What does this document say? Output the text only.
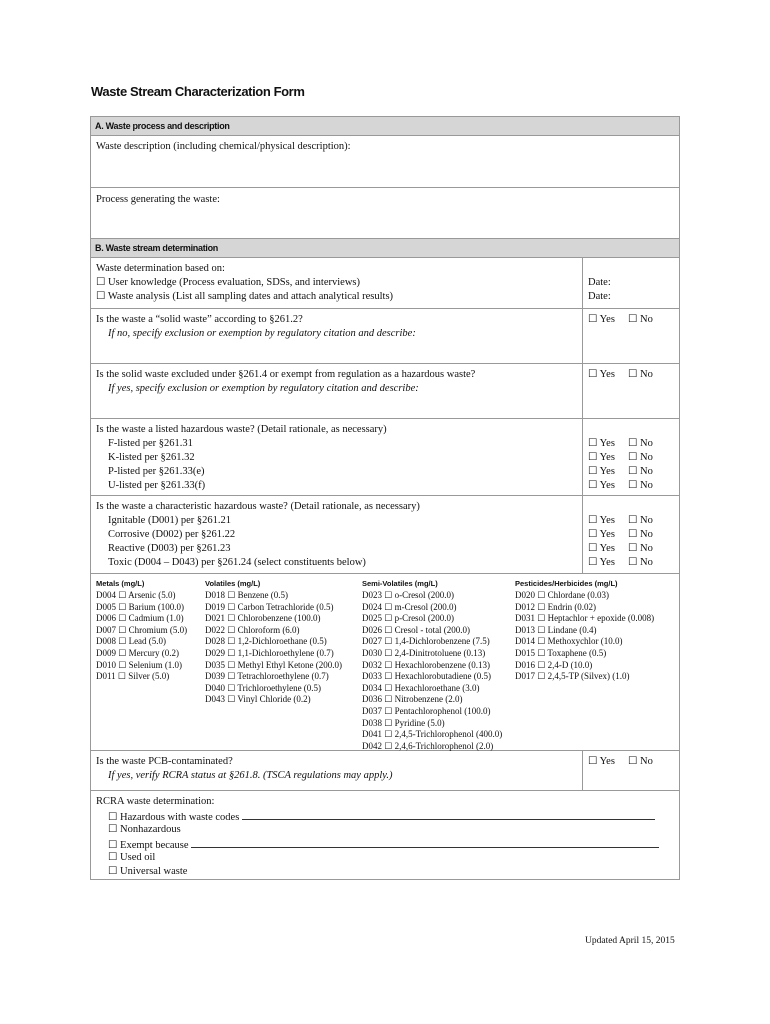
Waste Stream Characterization Form
A. Waste process and description
Waste description (including chemical/physical description):
Process generating the waste:
B. Waste stream determination
Waste determination based on:
☐ User knowledge (Process evaluation, SDSs, and interviews)
☐ Waste analysis (List all sampling dates and attach analytical results)

Date:
Date:
Is the waste a “solid waste” according to §261.2?
If no, specify exclusion or exemption by regulatory citation and describe:
☐ Yes ☐ No
Is the solid waste excluded under §261.4 or exempt from regulation as a hazardous waste?
If yes, specify exclusion or exemption by regulatory citation and describe:
☐ Yes ☐ No
Is the waste a listed hazardous waste? (Detail rationale, as necessary)
F-listed per §261.31
K-listed per §261.32
P-listed per §261.33(e)
U-listed per §261.33(f)

☐ Yes ☐ No
☐ Yes ☐ No
☐ Yes ☐ No
☐ Yes ☐ No
Is the waste a characteristic hazardous waste? (Detail rationale, as necessary)
Ignitable (D001) per §261.21
Corrosive (D002) per §261.22
Reactive (D003) per §261.23
Toxic (D004 – D043) per §261.24 (select constituents below)

☐ Yes ☐ No
☐ Yes ☐ No
☐ Yes ☐ No
☐ Yes ☐ No
Metals (mg/L)
D004 ☐ Arsenic (5.0)
D005 ☐ Barium (100.0)
D006 ☐ Cadmium (1.0)
D007 ☐ Chromium (5.0)
D008 ☐ Lead (5.0)
D009 ☐ Mercury (0.2)
D010 ☐ Selenium (1.0)
D011 ☐ Silver (5.0)
Volatiles (mg/L)
D018 ☐ Benzene (0.5)
D019 ☐ Carbon Tetrachloride (0.5)
D021 ☐ Chlorobenzene (100.0)
D022 ☐ Chloroform (6.0)
D028 ☐ 1,2-Dichloroethane (0.5)
D029 ☐ 1,1-Dichloroethylene (0.7)
D035 ☐ Methyl Ethyl Ketone (200.0)
D039 ☐ Tetrachloroethylene (0.7)
D040 ☐ Trichloroethylene (0.5)
D043 ☐ Vinyl Chloride (0.2)
Semi-Volatiles (mg/L)
D023 ☐ o-Cresol (200.0)
D024 ☐ m-Cresol (200.0)
D025 ☐ p-Cresol (200.0)
D026 ☐ Cresol - total (200.0)
D027 ☐ 1,4-Dichlorobenzene (7.5)
D030 ☐ 2,4-Dinitrotoluene (0.13)
D032 ☐ Hexachlorobenzene (0.13)
D033 ☐ Hexachlorobutadiene (0.5)
D034 ☐ Hexachloroethane (3.0)
D036 ☐ Nitrobenzene (2.0)
D037 ☐ Pentachlorophenol (100.0)
D038 ☐ Pyridine (5.0)
D041 ☐ 2,4,5-Trichlorophenol (400.0)
D042 ☐ 2,4,6-Trichlorophenol (2.0)
Pesticides/Herbicides (mg/L)
D020 ☐ Chlordane (0.03)
D012 ☐ Endrin (0.02)
D031 ☐ Heptachlor + epoxide (0.008)
D013 ☐ Lindane (0.4)
D014 ☐ Methoxychlor (10.0)
D015 ☐ Toxaphene (0.5)
D016 ☐ 2,4-D (10.0)
D017 ☐ 2,4,5-TP (Silvex) (1.0)
Is the waste PCB-contaminated?
If yes, verify RCRA status at §261.8. (TSCA regulations may apply.)
☐ Yes ☐ No
RCRA waste determination:
☐ Hazardous with waste codes
☐ Nonhazardous
☐ Exempt because
☐ Used oil
☐ Universal waste
Updated April 15, 2015
